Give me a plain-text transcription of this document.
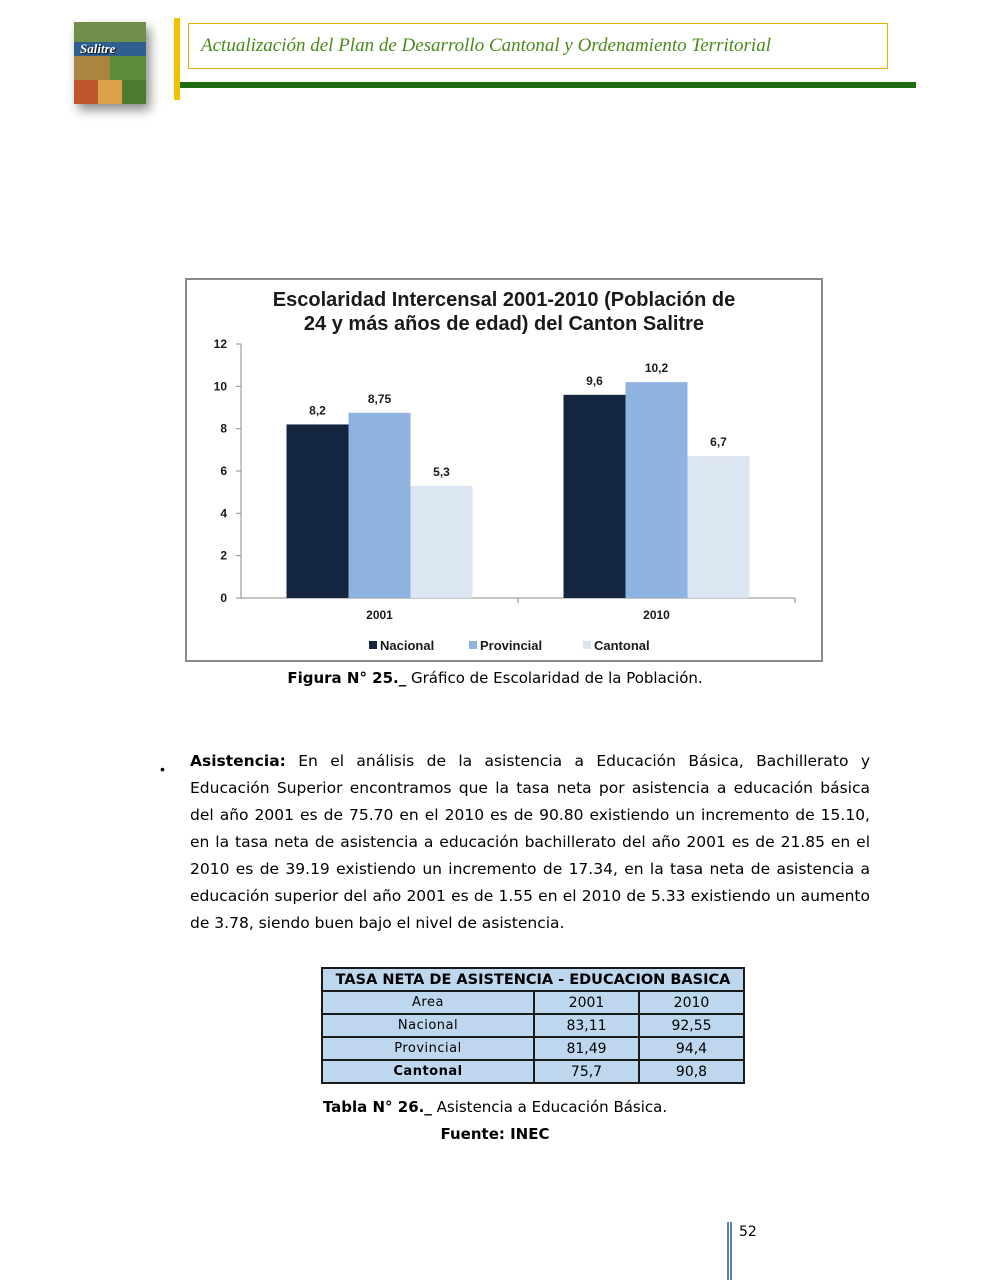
Salitre	Actualización del Plan de Desarrollo Cantonal y Ordenamiento Territorial
Escolaridad Intercensal 2001-2010 (Población de
24 y más años de edad) del Canton Salitre
0
2
4
6
8
10
12
8,2
8,75
5,3
2001
9,6
10,2
6,7
2010
Nacional	Provincial	Cantonal
Figura N° 25._ Gráfico de Escolaridad de la Población.
• Asistencia: En el análisis de la asistencia a Educación Básica, Bachillerato y Educación Superior encontramos que la tasa neta por asistencia a educación básica del año 2001 es de 75.70 en el 2010 es de 90.80 existiendo un incremento de 15.10, en la tasa neta de asistencia a educación bachillerato del año 2001 es de 21.85 en el 2010 es de 39.19 existiendo un incremento de 17.34, en la tasa neta de asistencia a educación superior del año 2001 es de 1.55 en el 2010 de 5.33 existiendo un aumento de 3.78, siendo buen bajo el nivel de asistencia.
TASA NETA DE ASISTENCIA - EDUCACION BASICA		
Area	2001	2010
Nacional	83,11	92,55
Provincial	81,49	94,4
Cantonal	75,7	90,8
Tabla N° 26._ Asistencia a Educación Básica.
Fuente: INEC
52
